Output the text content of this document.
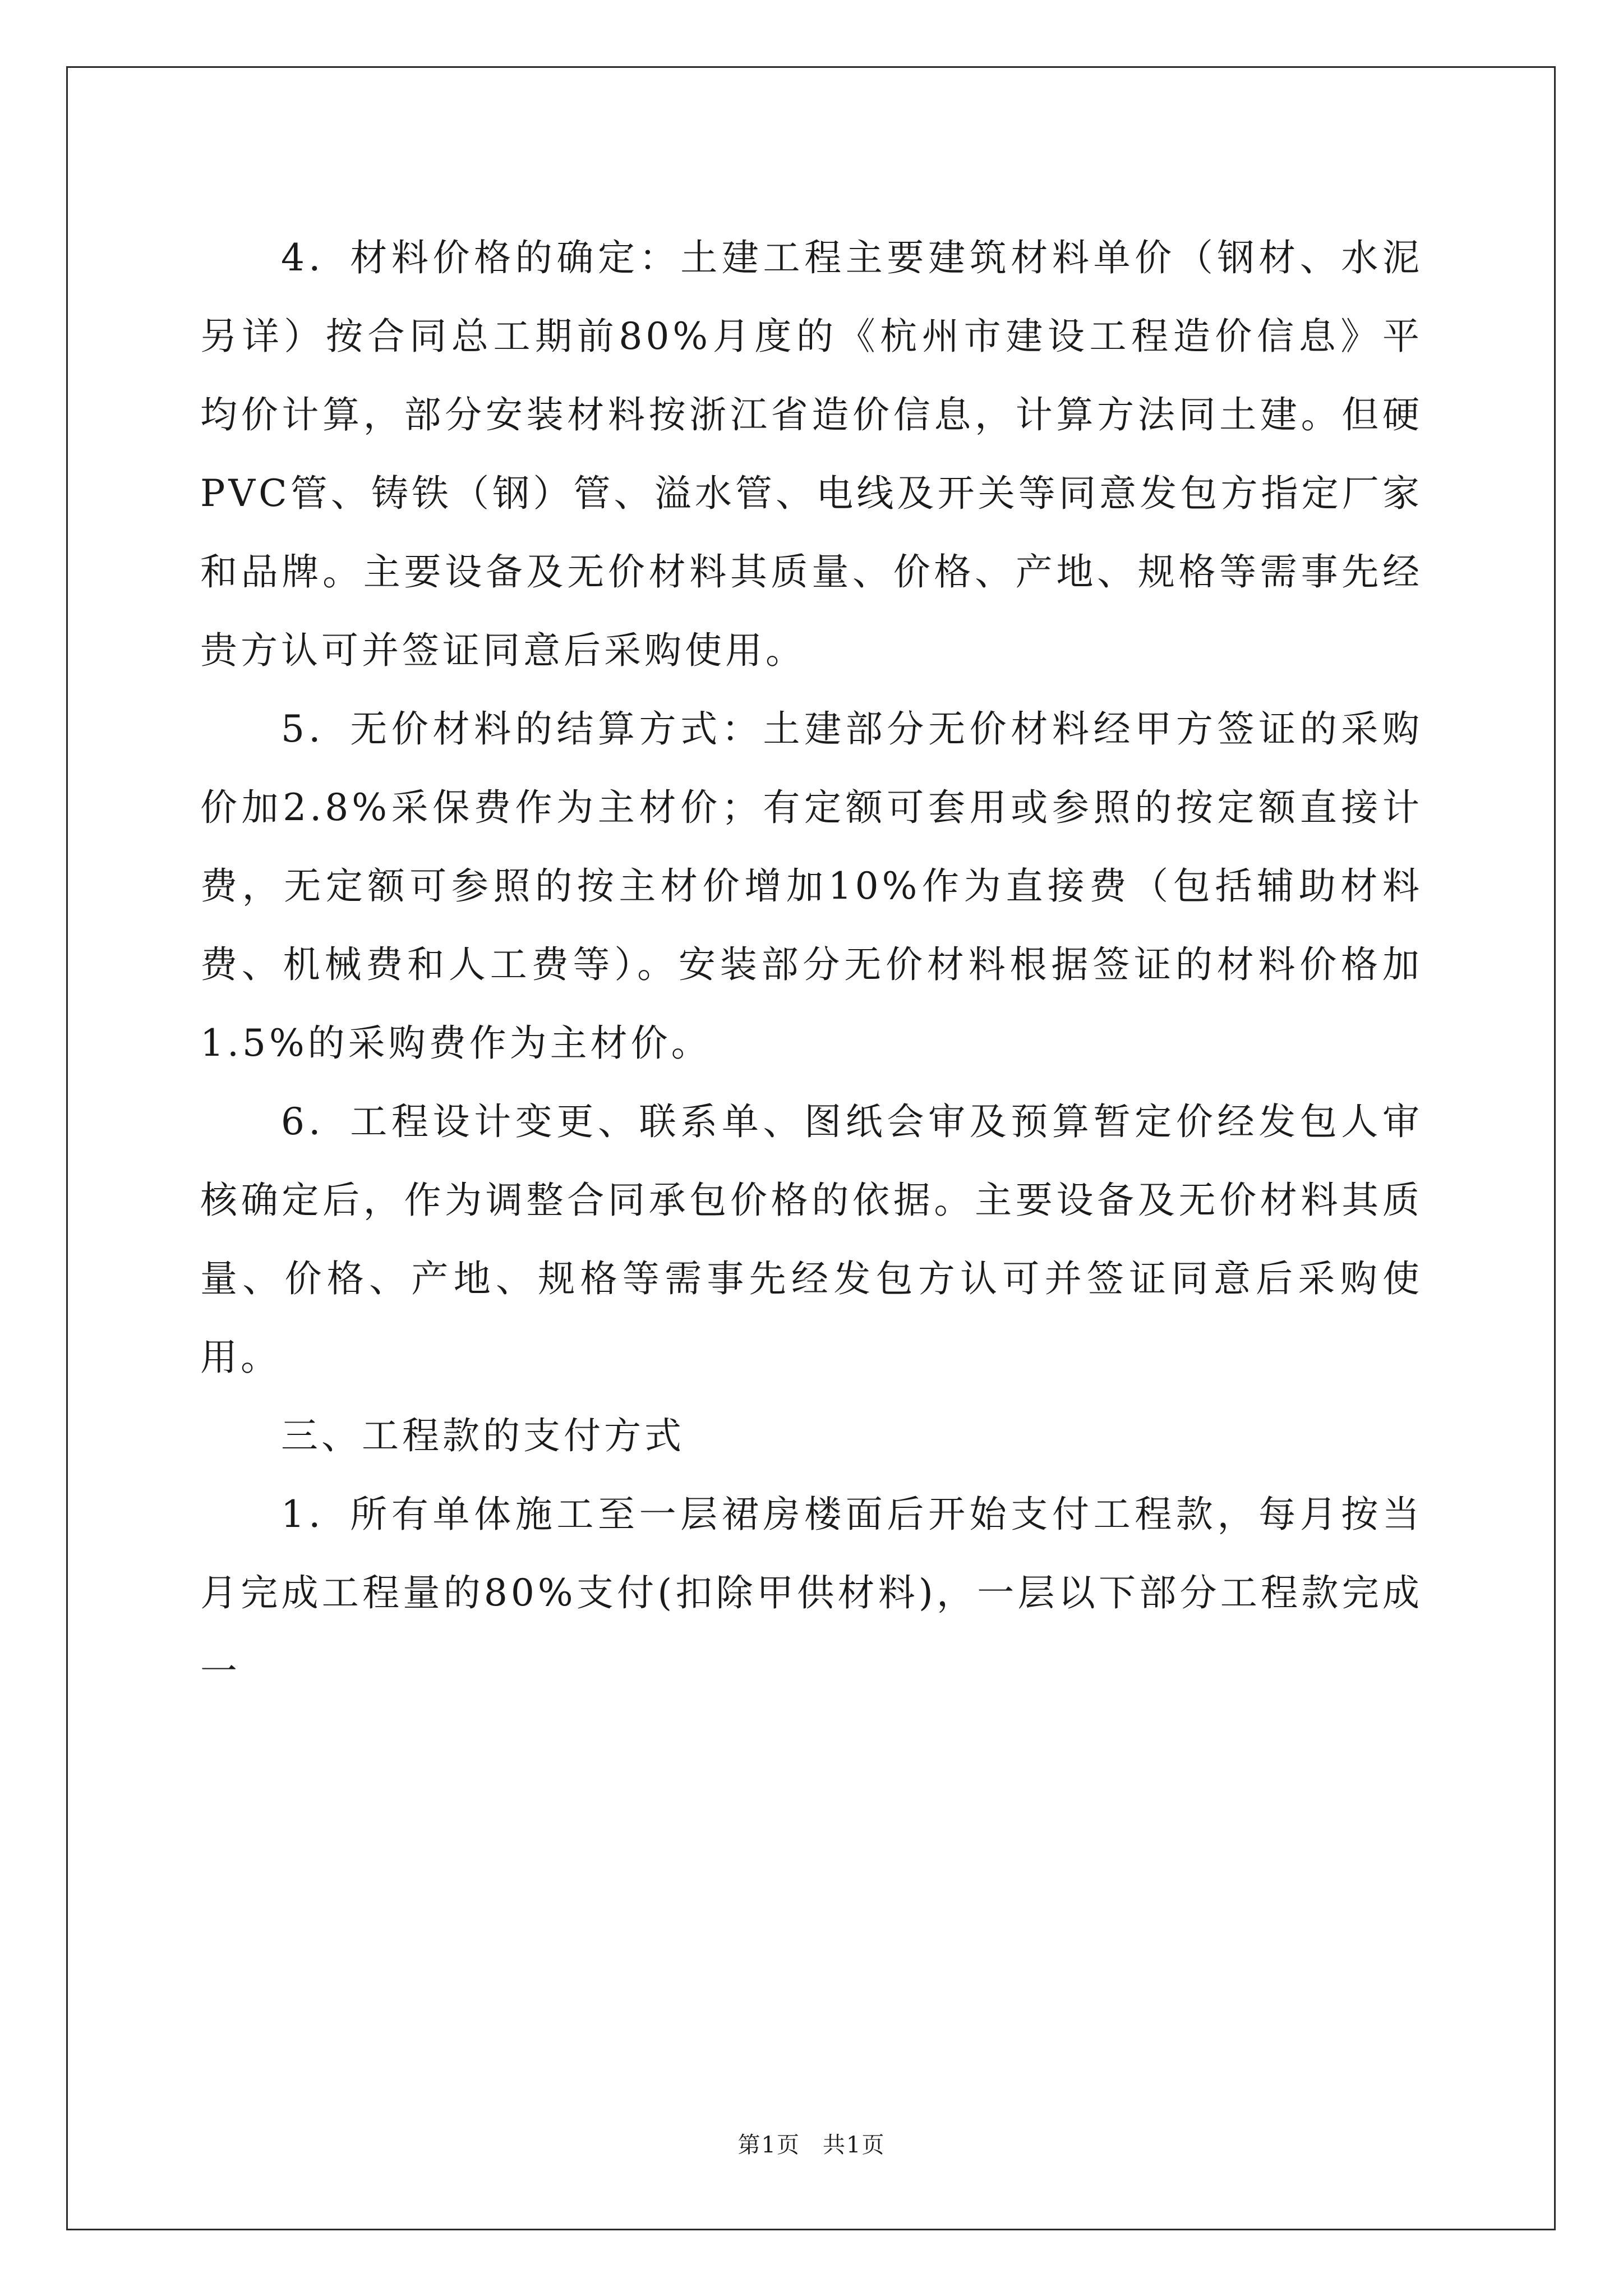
4．材料价格的确定：土建工程主要建筑材料单价（钢材、水泥另详）按合同总工期前80%月度的《杭州市建设工程造价信息》平均价计算，部分安装材料按浙江省造价信息，计算方法同土建。但硬PVC管、铸铁（钢）管、溢水管、电线及开关等同意发包方指定厂家和品牌。主要设备及无价材料其质量、价格、产地、规格等需事先经贵方认可并签证同意后采购使用。

5．无价材料的结算方式：土建部分无价材料经甲方签证的采购价加2.8%采保费作为主材价；有定额可套用或参照的按定额直接计费，无定额可参照的按主材价增加10%作为直接费（包括辅助材料费、机械费和人工费等）。安装部分无价材料根据签证的材料价格加1.5%的采购费作为主材价。

6．工程设计变更、联系单、图纸会审及预算暂定价经发包人审核确定后，作为调整合同承包价格的依据。主要设备及无价材料其质量、价格、产地、规格等需事先经发包方认可并签证同意后采购使用。

三、工程款的支付方式

1．所有单体施工至一层裙房楼面后开始支付工程款，每月按当月完成工程量的80%支付(扣除甲供材料)，一层以下部分工程款完成一

第1页 共1页
